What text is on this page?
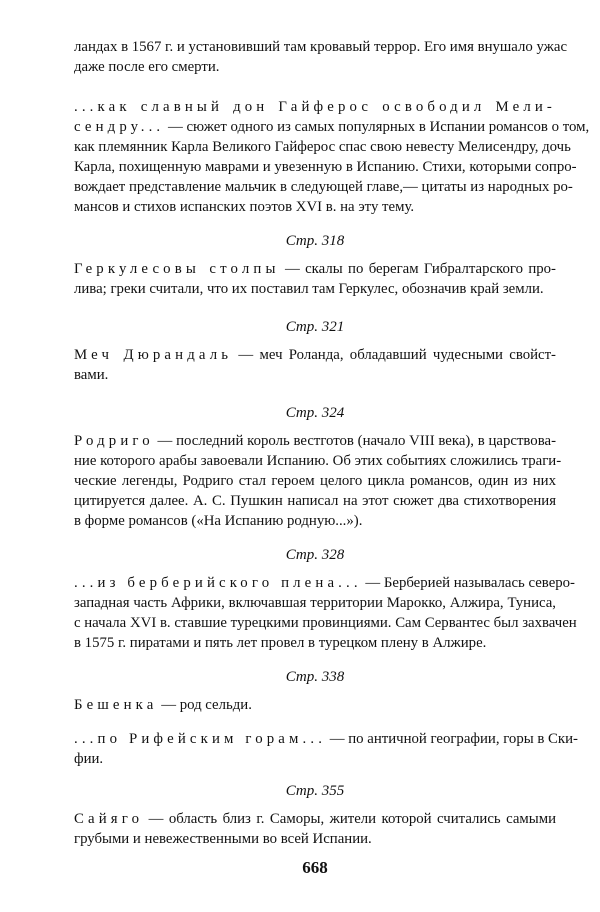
ландах в 1567 г. и установивший там кровавый террор. Его имя внушало ужас
даже после его смерти.
...как славный дон Гайферос освободил Мели-
сендру... — сюжет одного из самых популярных в Испании романсов о том,
как племянник Карла Великого Гайферос спас свою невесту Мелисендру, дочь
Карла, похищенную маврами и увезенную в Испанию. Стихи, которыми сопро-
вождает представление мальчик в следующей главе,— цитаты из народных ро-
мансов и стихов испанских поэтов XVI в. на эту тему.
Стр. 318
Геркулесовы столпы — скалы по берегам Гибралтарского про-
лива; греки считали, что их поставил там Геркулес, обозначив край земли.
Стр. 321
Меч Дюрандаль — меч Роланда, обладавший чудесными свойст-
вами.
Стр. 324
Родриго — последний король вестготов (начало VIII века), в царствова-
ние которого арабы завоевали Испанию. Об этих событиях сложились траги-
ческие легенды, Родриго стал героем целого цикла романсов, один из них
цитируется далее. А. С. Пушкин написал на этот сюжет два стихотворения
в форме романсов («На Испанию родную...»).
Стр. 328
...из берберийского плена... — Берберией называлась северо-
западная часть Африки, включавшая территории Марокко, Алжира, Туниса,
с начала XVI в. ставшие турецкими провинциями. Сам Сервантес был захвачен
в 1575 г. пиратами и пять лет провел в турецком плену в Алжире.
Стр. 338
Бешенка — род сельди.
...по Рифейским горам... — по античной географии, горы в Ски-
фии.
Стр. 355
Сайяго — область близ г. Саморы, жители которой считались самыми
грубыми и невежественными во всей Испании.
668
